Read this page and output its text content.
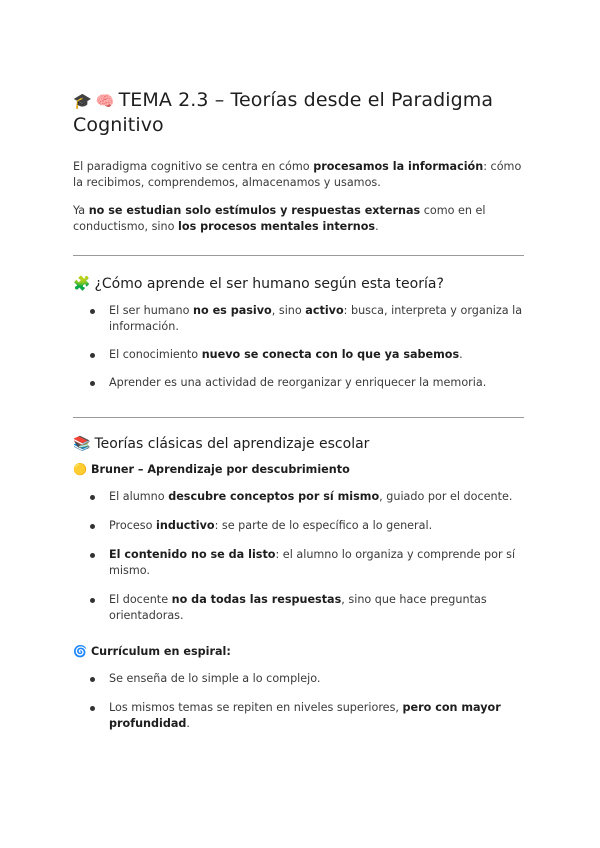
🎓 🧠 TEMA 2.3 – Teorías desde el Paradigma
Cognitivo

El paradigma cognitivo se centra en cómo procesamos la información: cómo la recibimos, comprendemos, almacenamos y usamos.

Ya no se estudian solo estímulos y respuestas externas como en el conductismo, sino los procesos mentales internos.

🧩 ¿Cómo aprende el ser humano según esta teoría?
El ser humano no es pasivo, sino activo: busca, interpreta y organiza la información.
El conocimiento nuevo se conecta con lo que ya sabemos.
Aprender es una actividad de reorganizar y enriquecer la memoria.
📚 Teorías clásicas del aprendizaje escolar
🟡 Bruner – Aprendizaje por descubrimiento
El alumno descubre conceptos por sí mismo, guiado por el docente.
Proceso inductivo: se parte de lo específico a lo general.
El contenido no se da listo: el alumno lo organiza y comprende por sí mismo.
El docente no da todas las respuestas, sino que hace preguntas orientadoras.
🌀 Currículum en espiral:
Se enseña de lo simple a lo complejo.
Los mismos temas se repiten en niveles superiores, pero con mayor profundidad.
